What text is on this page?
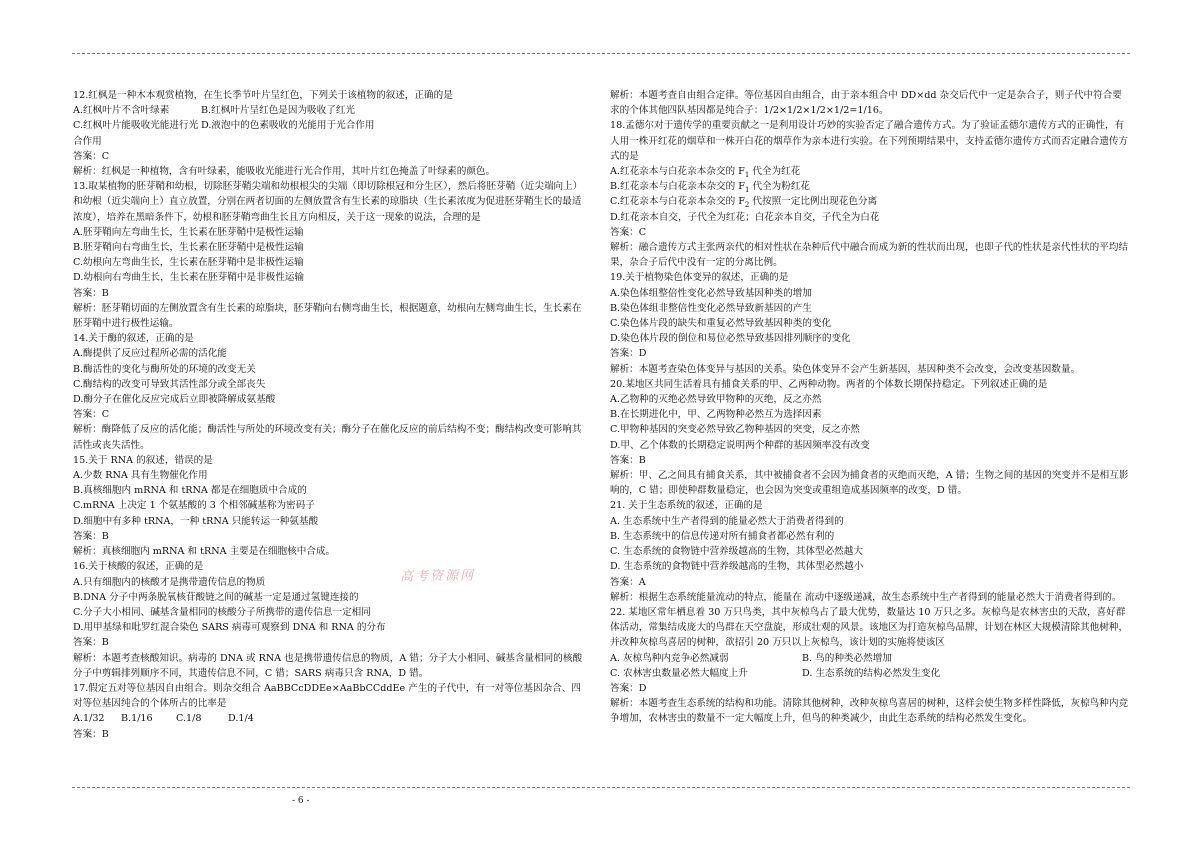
12.红枫是一种木本观赏植物，在生长季节叶片呈红色，下列关于该植物的叙述，正确的是

A.红枫叶片不含叶绿素	B.红枫叶片呈红色是因为吸收了红光

C.红枫叶片能吸收光能进行光合作用
D.液泡中的色素吸收的光能用于光合作用

答案：C

解析：红枫是一种植物，含有叶绿素，能吸收光能进行光合作用，其叶片红色掩盖了叶绿素的颜色。

13.取某植物的胚芽鞘和幼根，切除胚芽鞘尖端和幼根根尖的尖端（即切除根冠和分生区），然后将胚芽鞘（近尖端向上）和幼根（近尖端向上）直立放置，分别在两者切面的左侧放置含有生长素的琼脂块（生长素浓度为促进胚芽鞘生长的最适浓度），培养在黑暗条件下，幼根和胚芽鞘弯曲生长且方向相反，关于这一现象的说法，合理的是

A.胚芽鞘向左弯曲生长，生长素在胚芽鞘中是极性运输

B.胚芽鞘向右弯曲生长，生长素在胚芽鞘中是极性运输

C.幼根向左弯曲生长，生长素在胚芽鞘中是非极性运输

D.幼根向右弯曲生长，生长素在胚芽鞘中是非极性运输

答案：B

解析：胚芽鞘切面的左侧放置含有生长素的琼脂块，胚芽鞘向右侧弯曲生长，根据题意，幼根向左侧弯曲生长，生长素在胚芽鞘中进行极性运输。

14.关于酶的叙述，正确的是

A.酶提供了反应过程所必需的活化能

B.酶活性的变化与酶所处的环境的改变无关

C.酶结构的改变可导致其活性部分或全部丧失

D.酶分子在催化反应完成后立即被降解成氨基酸

答案：C

解析：酶降低了反应的活化能；酶活性与所处的环境改变有关；酶分子在催化反应的前后结构不变；酶结构改变可影响其活性或丧失活性。

15.关于 RNA 的叙述，错误的是

A.少数 RNA 具有生物催化作用

B.真核细胞内 mRNA 和 tRNA 都是在细胞质中合成的

C.mRNA 上决定 1 个氨基酸的 3 个相邻碱基称为密码子

D.细胞中有多种 tRNA，一种 tRNA 只能转运一种氨基酸

答案：B

解析：真核细胞内 mRNA 和 tRNA 主要是在细胞核中合成。

16.关于核酸的叙述，正确的是

A.只有细胞内的核酸才是携带遗传信息的物质

B.DNA 分子中两条脱氧核苷酸链之间的碱基一定是通过氢键连接的

C.分子大小相同、碱基含量相同的核酸分子所携带的遗传信息一定相同

D.用甲基绿和吡罗红混合染色 SARS 病毒可观察到 DNA 和 RNA 的分布

答案：B

解析：本题考查核酸知识。病毒的 DNA 或 RNA 也是携带遗传信息的物质，A 错；分子大小相同、碱基含量相同的核酸分子中剪辑排列顺序不同，其遗传信息不同，C 错；SARS 病毒只含 RNA，D 错。

17.假定五对等位基因自由组合。则杂交组合 AaBBCcDDEe×AaBbCCddEe 产生的子代中，有一对等位基因杂合、四对等位基因纯合的个体所占的比率是

A.1/32	B.1/16	C.1/8	D.1/4

答案：B

解析：本题考查自由组合定律。等位基因自由组合，由于亲本组合中 DD×dd 杂交后代中一定是杂合子，则子代中符合要求的个体其他四队基因都是纯合子：1/2×1/2×1/2×1/2=1/16。

18.孟德尔对于遗传学的重要贡献之一是利用设计巧妙的实验否定了融合遗传方式。为了验证孟德尔遗传方式的正确性，有人用一株开红花的烟草和一株开白花的烟草作为亲本进行实验。在下列预期结果中，支持孟德尔遗传方式而否定融合遗传方式的是

A.红花亲本与白花亲本杂交的 $F_1$ 代全为红花

B.红花亲本与白花亲本杂交的 $F_1$ 代全为粉红花

C.红花亲本与白花亲本杂交的 $F_2$ 代按照一定比例出现花色分离

D.红花亲本自交，子代全为红花；白花亲本自交，子代全为白花

答案：C

解析：融合遗传方式主张两亲代的相对性状在杂种后代中融合而成为新的性状而出现，也即子代的性状是亲代性状的平均结果，杂合子后代中没有一定的分离比例。

19.关于植物染色体变异的叙述，正确的是

A.染色体组整倍性变化必然导致基因种类的增加

B.染色体组非整倍性变化必然导致新基因的产生

C.染色体片段的缺失和重复必然导致基因种类的变化

D.染色体片段的倒位和易位必然导致基因排列顺序的变化

答案：D

解析：本题考查染色体变异与基因的关系。染色体变异不会产生新基因，基因种类不会改变，会改变基因数量。

20.某地区共同生活着具有捕食关系的甲、乙两种动物。两者的个体数长期保持稳定。下列叙述正确的是

A.乙物种的灭绝必然导致甲物种的灭绝，反之亦然

B.在长期进化中，甲、乙两物种必然互为选择因素

C.甲物种基因的突变必然导致乙物种基因的突变，反之亦然

D.甲、乙个体数的长期稳定说明两个种群的基因频率没有改变

答案：B

解析：甲、乙之间具有捕食关系，其中被捕食者不会因为捕食者的灭绝而灭绝，A 错；生物之间的基因的突变并不是相互影响的，C 错；即使种群数量稳定，也会因为突变或重组造成基因频率的改变，D 错。

21. 关于生态系统的叙述，正确的是

A. 生态系统中生产者得到的能量必然大于消费者得到的

B. 生态系统中的信息传递对所有捕食者都必然有利的

C. 生态系统的食物链中营养级越高的生物，其体型必然越大

D. 生态系统的食物链中营养级越高的生物，其体型必然越小

答案：A

解析：根据生态系统能量流动的特点，能量在 流动中逐级递减，故生态系统中生产者得到的能量必然大于消费者得到的。

22. 某地区常年栖息着 30 万只鸟类，其中灰椋鸟占了最大优势，数量达 10 万只之多。灰椋鸟是农林害虫的天敌，喜好群体活动，常集结成庞大的鸟群在天空盘旋，形成壮观的风景。该地区为打造灰椋鸟品牌，计划在林区大规模清除其他树种，并改种灰椋鸟喜居的树种，欲招引 20 万只以上灰椋鸟，该计划的实施将使该区

A. 灰椋鸟种内竞争必然减弱	B. 鸟的种类必然增加

C. 农林害虫数量必然大幅度上升	D. 生态系统的结构必然发生变化

答案：D

解析：本题考查生态系统的结构和功能。清除其他树种，改种灰椋鸟喜居的树种，这样会使生物多样性降低，灰椋鸟种内竞争增加，农林害虫的数量不一定大幅度上升，但鸟的种类减少，由此生态系统的结构必然发生变化。

高考资源网
- 6 -
